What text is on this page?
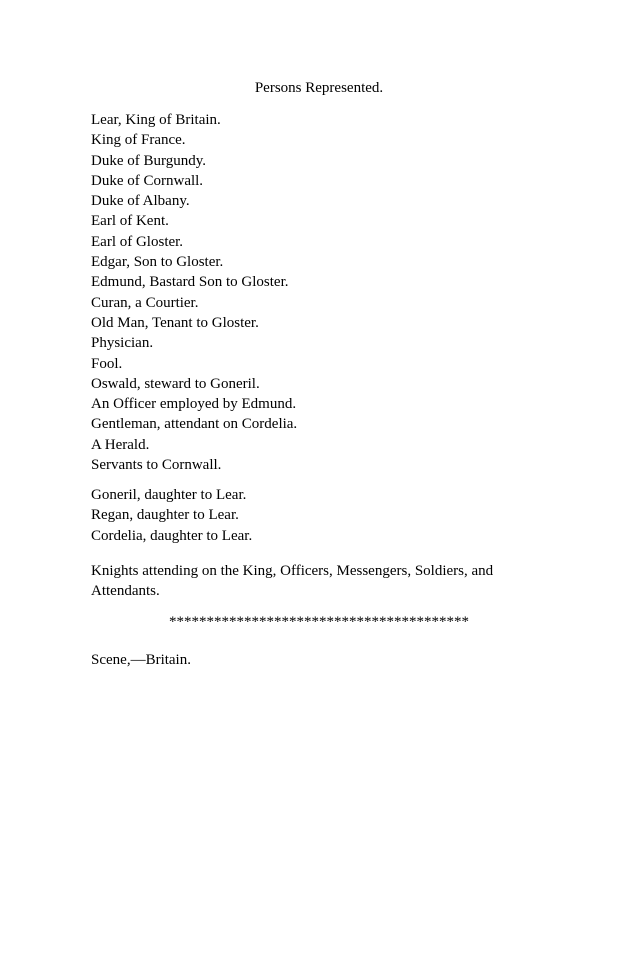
Persons Represented.
Lear, King of Britain.
King of France.
Duke of Burgundy.
Duke of Cornwall.
Duke of Albany.
Earl of Kent.
Earl of Gloster.
Edgar, Son to Gloster.
Edmund, Bastard Son to Gloster.
Curan, a Courtier.
Old Man, Tenant to Gloster.
Physician.
Fool.
Oswald, steward to Goneril.
An Officer employed by Edmund.
Gentleman, attendant on Cordelia.
A Herald.
Servants to Cornwall.
Goneril, daughter to Lear.
Regan, daughter to Lear.
Cordelia, daughter to Lear.
Knights attending on the King, Officers, Messengers, Soldiers, and Attendants.
****************************************
Scene,—Britain.
